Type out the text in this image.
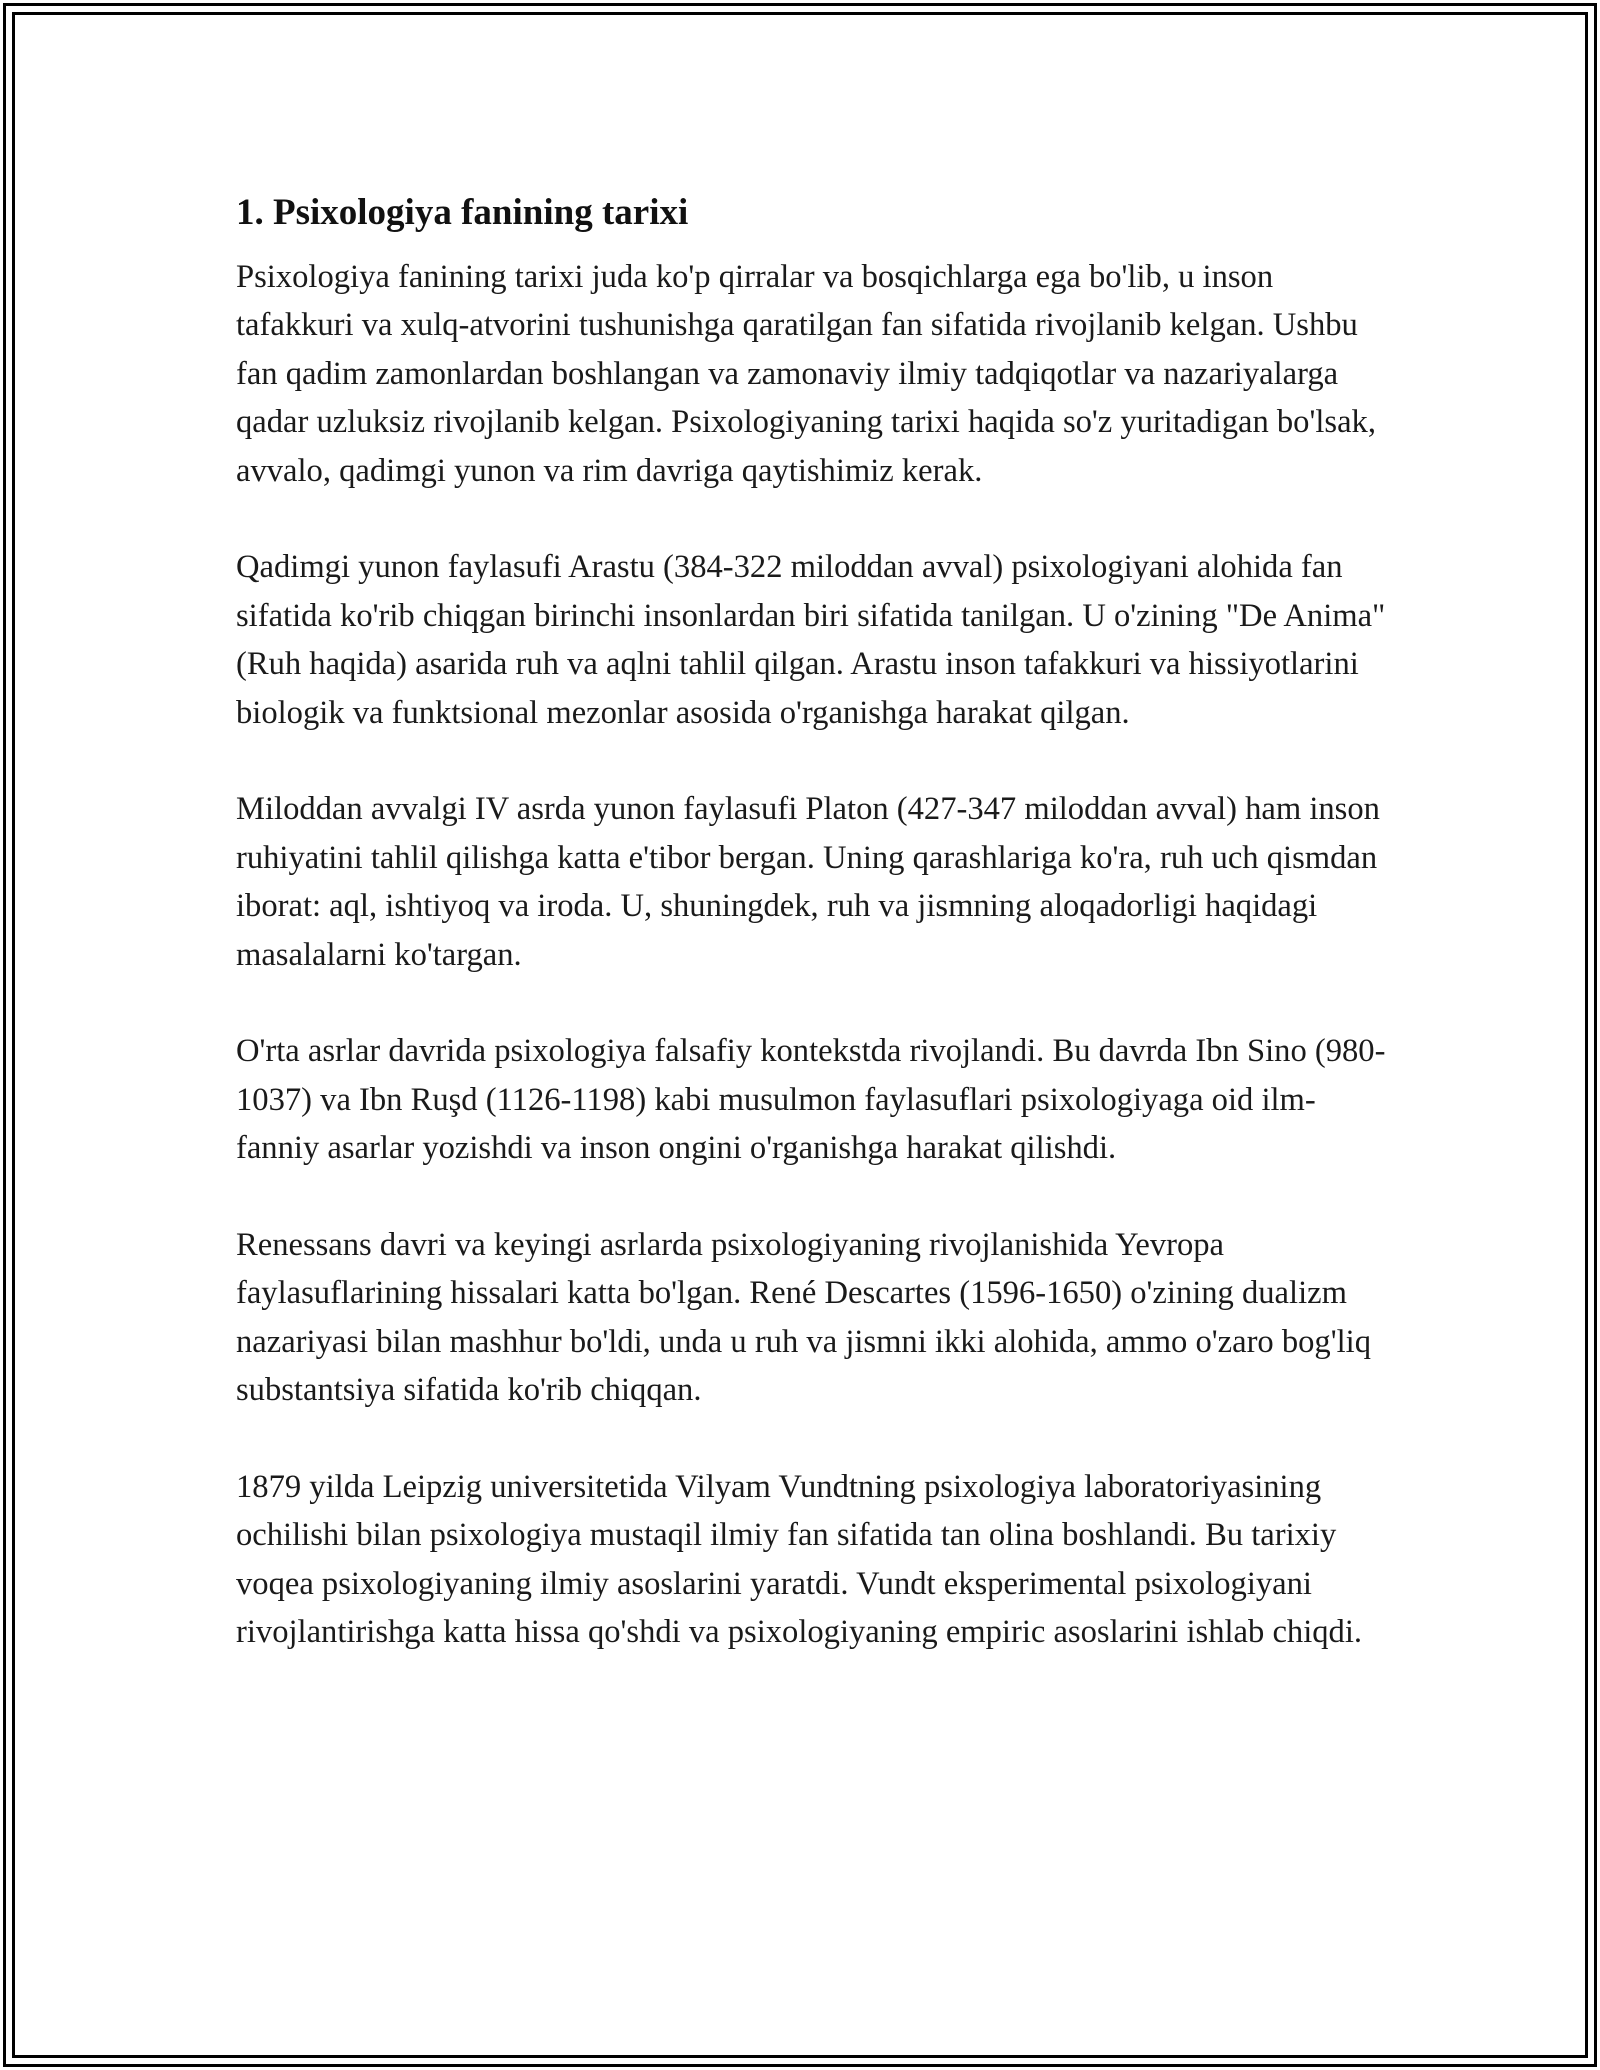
1. Psixologiya fanining tarixi

Psixologiya fanining tarixi juda ko'p qirralar va bosqichlarga ega bo'lib, u inson tafakkuri va xulq-atvorini tushunishga qaratilgan fan sifatida rivojlanib kelgan. Ushbu fan qadim zamonlardan boshlangan va zamonaviy ilmiy tadqiqotlar va nazariyalarga qadar uzluksiz rivojlanib kelgan. Psixologiyaning tarixi haqida so'z yuritadigan bo'lsak, avvalo, qadimgi yunon va rim davriga qaytishimiz kerak.

Qadimgi yunon faylasufi Arastu (384-322 miloddan avval) psixologiyani alohida fan sifatida ko'rib chiqgan birinchi insonlardan biri sifatida tanilgan. U o'zining "De Anima" (Ruh haqida) asarida ruh va aqlni tahlil qilgan. Arastu inson tafakkuri va hissiyotlarini biologik va funktsional mezonlar asosida o'rganishga harakat qilgan.

Miloddan avvalgi IV asrda yunon faylasufi Platon (427-347 miloddan avval) ham inson ruhiyatini tahlil qilishga katta e'tibor bergan. Uning qarashlariga ko'ra, ruh uch qismdan iborat: aql, ishtiyoq va iroda. U, shuningdek, ruh va jismning aloqadorligi haqidagi masalalarni ko'targan.

O'rta asrlar davrida psixologiya falsafiy kontekstda rivojlandi. Bu davrda Ibn Sino (980-1037) va Ibn Ruşd (1126-1198) kabi musulmon faylasuflari psixologiyaga oid ilm-fanniy asarlar yozishdi va inson ongini o'rganishga harakat qilishdi.

Renessans davri va keyingi asrlarda psixologiyaning rivojlanishida Yevropa faylasuflarining hissalari katta bo'lgan. René Descartes (1596-1650) o'zining dualizm nazariyasi bilan mashhur bo'ldi, unda u ruh va jismni ikki alohida, ammo o'zaro bog'liq substantsiya sifatida ko'rib chiqqan.

1879 yilda Leipzig universitetida Vilyam Vundtning psixologiya laboratoriyasining ochilishi bilan psixologiya mustaqil ilmiy fan sifatida tan olina boshlandi. Bu tarixiy voqea psixologiyaning ilmiy asoslarini yaratdi. Vundt eksperimental psixologiyani rivojlantirishga katta hissa qo'shdi va psixologiyaning empiric asoslarini ishlab chiqdi.
